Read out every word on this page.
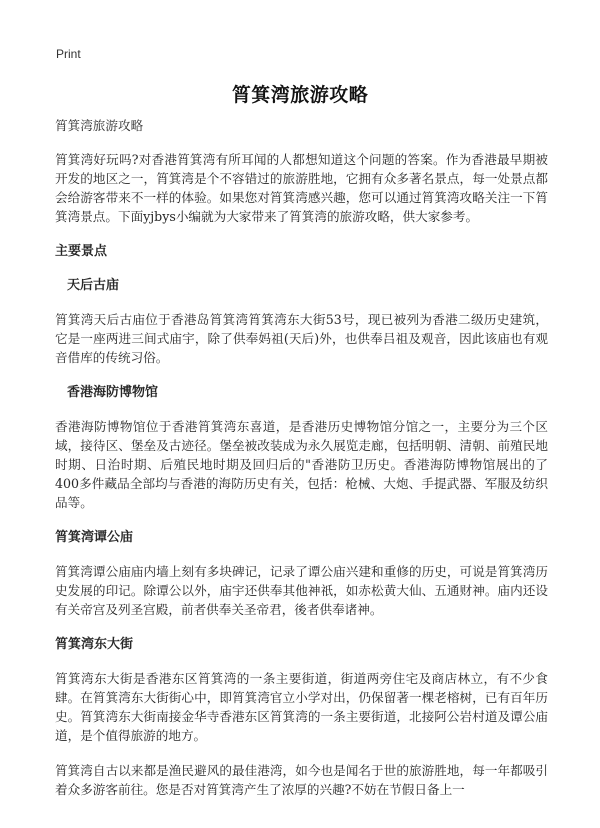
Print
筲箕湾旅游攻略
筲箕湾旅游攻略

筲箕湾好玩吗?对香港筲箕湾有所耳闻的人都想知道这个问题的答案。作为香港最早期被开发的地区之一，筲箕湾是个不容错过的旅游胜地，它拥有众多著名景点，每一处景点都会给游客带来不一样的体验。如果您对筲箕湾感兴趣，您可以通过筲箕湾攻略关注一下筲箕湾景点。下面yjbys小编就为大家带来了筲箕湾的旅游攻略，供大家参考。

主要景点
天后古庙

筲箕湾天后古庙位于香港岛筲箕湾筲箕湾东大街53号，现已被列为香港二级历史建筑，它是一座两进三间式庙宇，除了供奉妈祖(天后)外，也供奉吕祖及观音，因此该庙也有观音借库的传统习俗。

香港海防博物馆

香港海防博物馆位于香港筲箕湾东喜道，是香港历史博物馆分馆之一，主要分为三个区域，接待区、堡垒及古迹径。堡垒被改装成为永久展览走廊，包括明朝、清朝、前殖民地时期、日治时期、后殖民地时期及回归后的"香港防卫历史。香港海防博物馆展出的了400多件藏品全部均与香港的海防历史有关，包括：枪械、大炮、手提武器、军服及纺织品等。

筲箕湾谭公庙

筲箕湾谭公庙庙内墙上刻有多块碑记，记录了谭公庙兴建和重修的历史，可说是筲箕湾历史发展的印记。除谭公以外，庙宇还供奉其他神祇，如赤松黄大仙、五通财神。庙内还设有关帝宫及列圣宫殿，前者供奉关圣帝君，後者供奉诸神。

筲箕湾东大街

筲箕湾东大街是香港东区筲箕湾的一条主要街道，街道两旁住宅及商店林立，有不少食肆。在筲箕湾东大街街心中，即筲箕湾官立小学对出，仍保留著一棵老榕树，已有百年历史。筲箕湾东大街南接金华寺香港东区筲箕湾的一条主要街道，北接阿公岩村道及谭公庙道，是个值得旅游的地方。

筲箕湾自古以来都是渔民避风的最佳港湾，如今也是闻名于世的旅游胜地，每一年都吸引着众多游客前往。您是否对筲箕湾产生了浓厚的兴趣?不妨在节假日备上一
